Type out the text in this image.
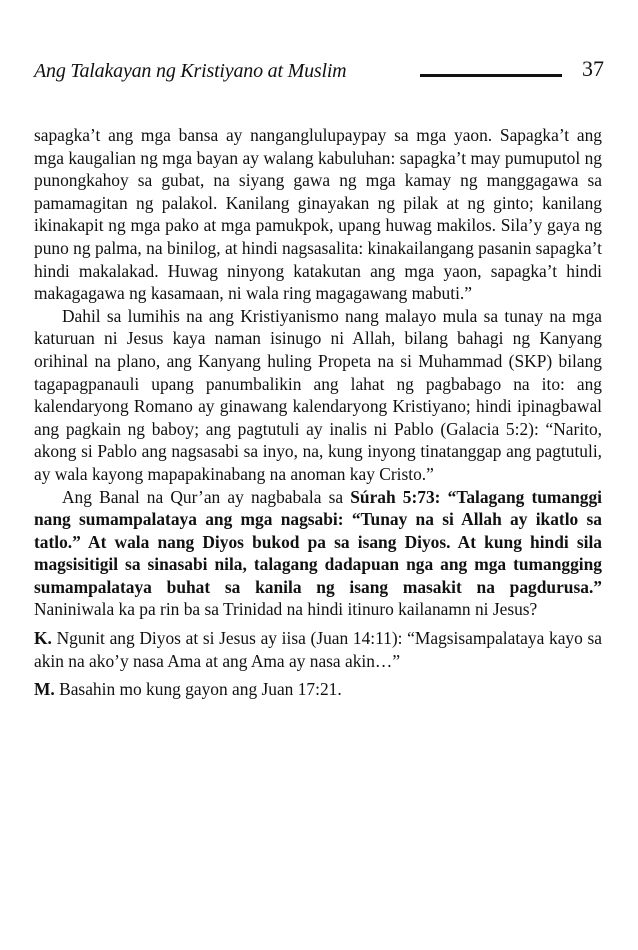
Ang Talakayan ng Kristiyano at Muslim	37

sapagka’t ang mga bansa ay nanganglulupaypay sa mga yaon. Sapagka’t ang mga kaugalian ng mga bayan ay walang kabuluhan: sapagka’t may pumuputol ng punongkahoy sa gubat, na siyang gawa ng mga kamay ng manggagawa sa pamamagitan ng palakol. Kanilang ginayakan ng pilak at ng ginto; kanilang ikinakapit ng mga pako at mga pamukpok, upang huwag makilos. Sila’y gaya ng puno ng palma, na binilog, at hindi nagsasalita: kinakailangang pasanin sapagka’t hindi makalakad. Huwag ninyong katakutan ang mga yaon, sapagka’t hindi makagagawa ng kasamaan, ni wala ring magagawang mabuti.”

Dahil sa lumihis na ang Kristiyanismo nang malayo mula sa tunay na mga katuruan ni Jesus kaya naman isinugo ni Allah, bilang bahagi ng Kanyang orihinal na plano, ang Kanyang huling Propeta na si Muhammad (SKP) bilang tagapagpanauli upang panumbalikin ang lahat ng pagbabago na ito: ang kalendaryong Romano ay ginawang kalendaryong Kristiyano; hindi ipinagbawal ang pagkain ng baboy; ang pagtutuli ay inalis ni Pablo (Galacia 5:2): “Narito, akong si Pablo ang nagsasabi sa inyo, na, kung inyong tinatanggap ang pagtutuli, ay wala kayong mapapakinabang na anoman kay Cristo.”

Ang Banal na Qur’an ay nagbabala sa Súrah 5:73: “Talagang tumanggi nang sumampalataya ang mga nagsabi: “Tunay na si Allah ay ikatlo sa tatlo.” At wala nang Diyos bukod pa sa isang Diyos. At kung hindi sila magsisitigil sa sinasabi nila, talagang dadapuan nga ang mga tumangging sumampalataya buhat sa kanila ng isang masakit na pagdurusa.” Naniniwala ka pa rin ba sa Trinidad na hindi itinuro kailanamn ni Jesus?

K. Ngunit ang Diyos at si Jesus ay iisa (Juan 14:11): “Magsisampalataya kayo sa akin na ako’y nasa Ama at ang Ama ay nasa akin…”

M. Basahin mo kung gayon ang Juan 17:21.
